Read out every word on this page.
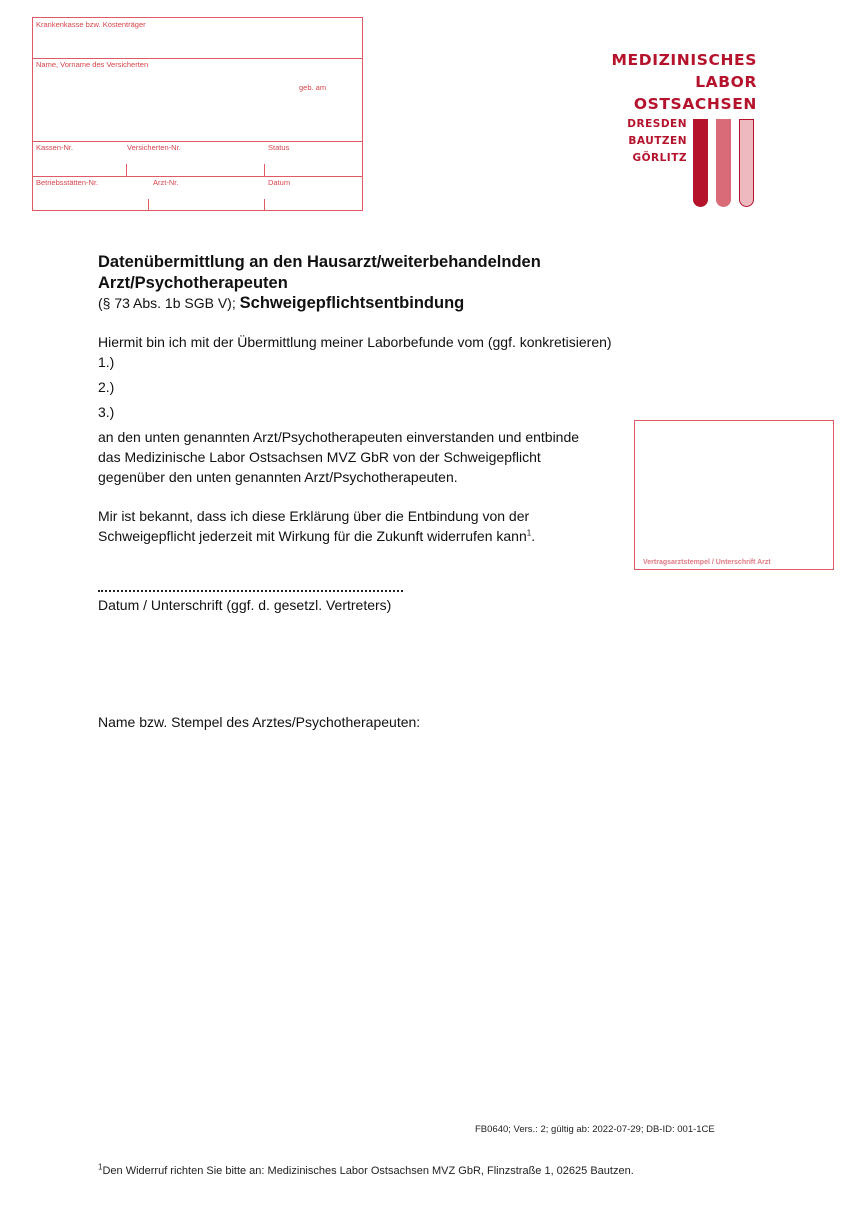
Krankenkasse bzw. Kostenträger
Name, Vorname des Versicherten
geb. am
Kassen-Nr.	Versicherten-Nr.	Status
Betriebsstätten-Nr.	Arzt-Nr.	Datum
MEDIZINISCHES
LABOR
OSTSACHSEN
DRESDEN
BAUTZEN
GÖRLITZ
Datenübermittlung an den Hausarzt/weiterbehandelnden
Arzt/Psychotherapeuten
(§ 73 Abs. 1b SGB V); Schweigepflichtsentbindung
Hiermit bin ich mit der Übermittlung meiner Laborbefunde vom (ggf. konkretisieren)
1.)
2.)
3.)
an den unten genannten Arzt/Psychotherapeuten einverstanden und entbinde
das Medizinische Labor Ostsachsen MVZ GbR von der Schweigepflicht
gegenüber den unten genannten Arzt/Psychotherapeuten.
Mir ist bekannt, dass ich diese Erklärung über die Entbindung von der
Schweigepflicht jederzeit mit Wirkung für die Zukunft widerrufen kann$^1$.
Vertragsarztstempel / Unterschrift Arzt
Datum / Unterschrift (ggf. d. gesetzl. Vertreters)
Name bzw. Stempel des Arztes/Psychotherapeuten:
FB0640; Vers.: 2; gültig ab: 2022-07-29; DB-ID: 001-1CE
$^1$Den Widerruf richten Sie bitte an: Medizinisches Labor Ostsachsen MVZ GbR, Flinzstraße 1, 02625 Bautzen.
